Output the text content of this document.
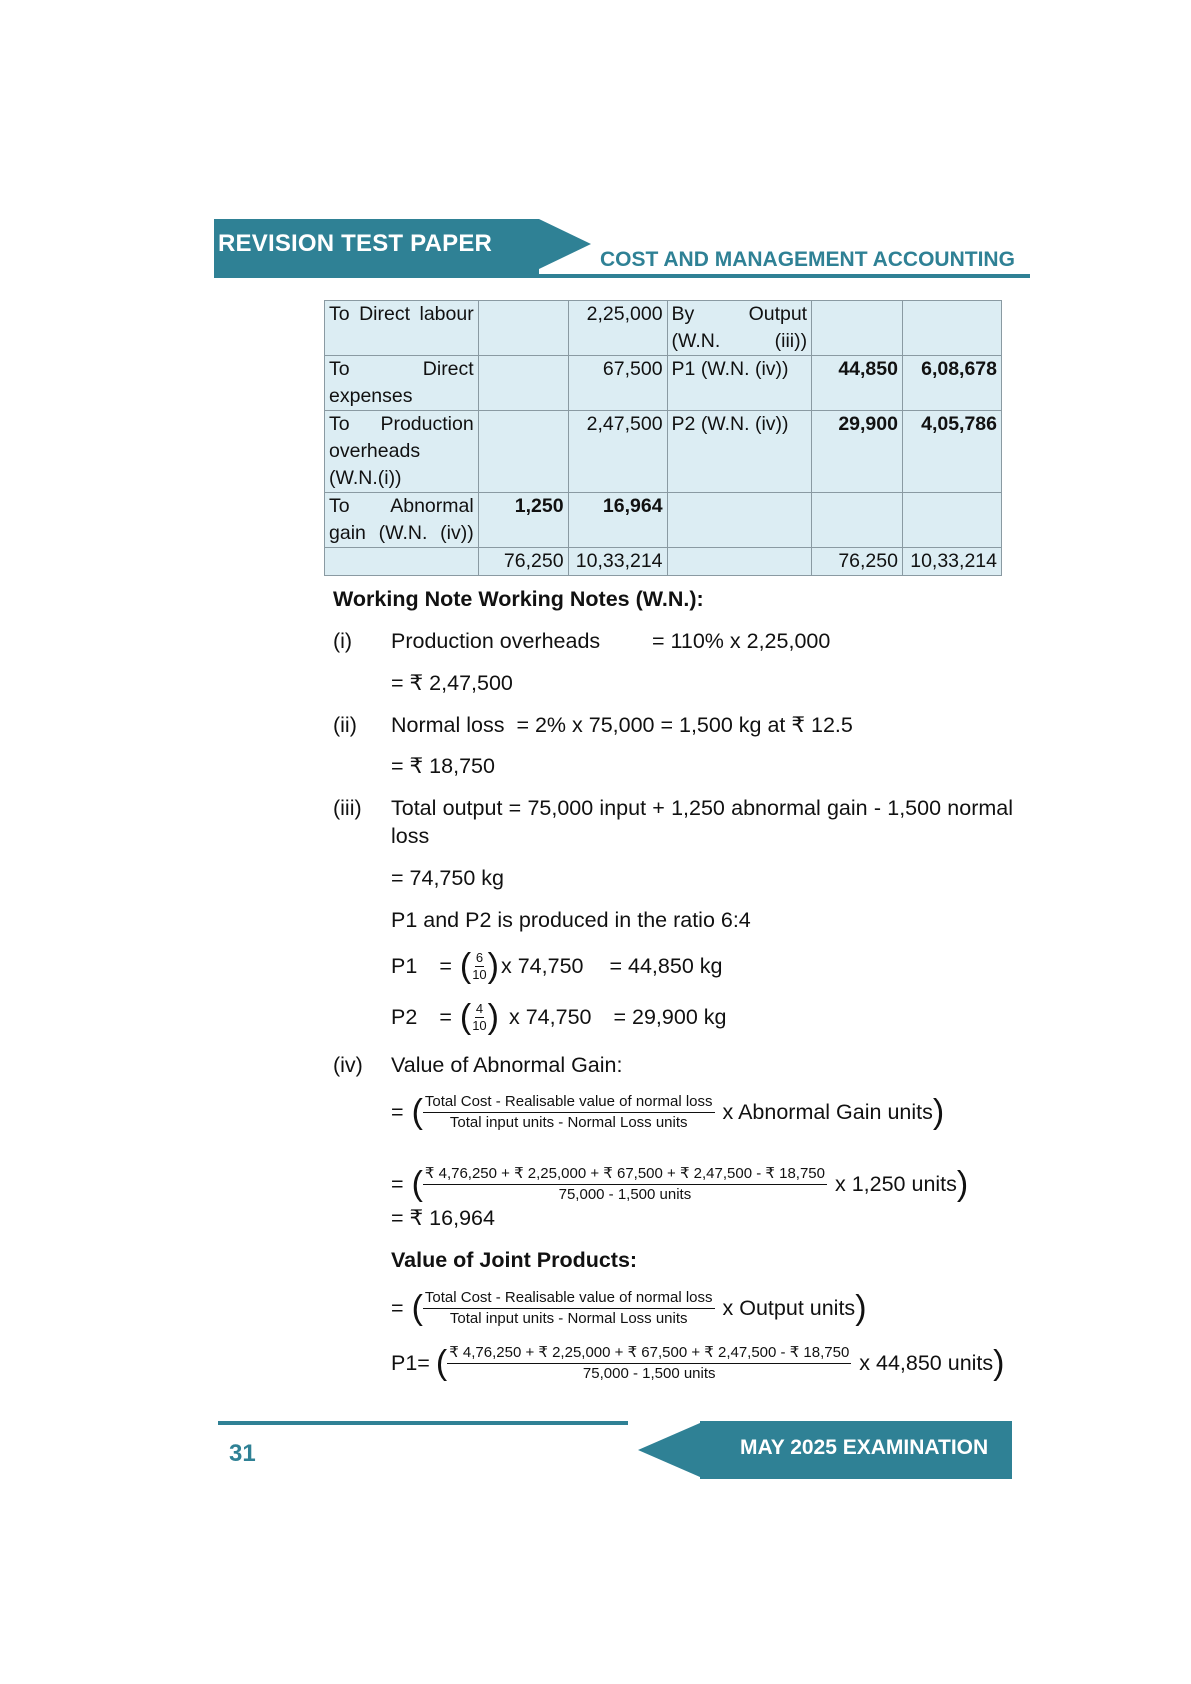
REVISION TEST PAPER
COST AND MANAGEMENT ACCOUNTING
To Direct labour		2,25,000	By Output (W.N. (iii))		
To Direct expenses		67,500	P1 (W.N. (iv))	44,850	6,08,678
To Production overheads (W.N.(i))		2,47,500	P2 (W.N. (iv))	29,900	4,05,786
To Abnormal gain (W.N. (iv))	1,250	16,964			
	76,250	10,33,214		76,250	10,33,214
Working Note Working Notes (W.N.):
(i) Production overheads = 110% x 2,25,000
= ₹ 2,47,500
(ii) Normal loss  = 2% x 75,000 = 1,500 kg at ₹ 12.5
= ₹ 18,750
(iii) Total output = 75,000 input + 1,250 abnormal gain - 1,500 normal loss
= 74,750 kg
P1 and P2 is produced in the ratio 6:4
P1 = ( 6
10 ) x 74,750 = 44,850 kg
P2 = ( 4
10 ) x 74,750 = 29,900 kg
(iv) Value of Abnormal Gain:
= ( $\frac{\text{Total Cost - Realisable value of normal loss}}{\text{Total input units - Normal Loss units}}$ x Abnormal Gain units )
= ( $\frac{₹ 4,76,250 + ₹ 2,25,000 + ₹ 67,500 + ₹ 2,47,500 - ₹ 18,750}{\text{75,000 - 1,500 units}}$ x 1,250 units )
= ₹ 16,964
Value of Joint Products:
= ( $\frac{\text{Total Cost - Realisable value of normal loss}}{\text{Total input units - Normal Loss units}}$ x Output units )
P1= ( $\frac{₹ 4,76,250 + ₹ 2,25,000 + ₹ 67,500 + ₹ 2,47,500 - ₹ 18,750}{\text{75,000 - 1,500 units}}$ x 44,850 units )
31	MAY 2025 EXAMINATION
